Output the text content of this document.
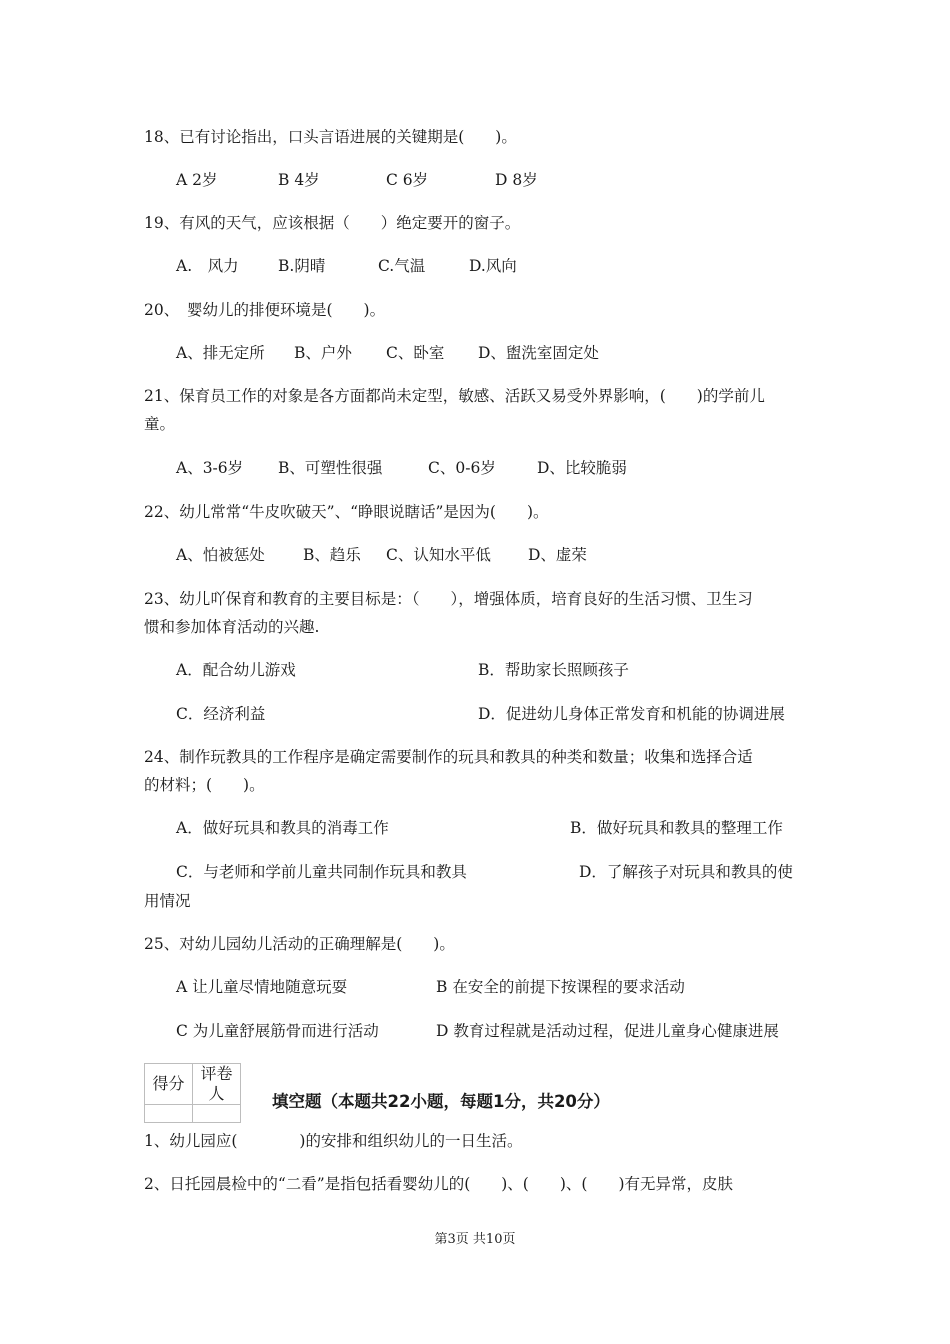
18、已有讨论指出，口头言语进展的关键期是(　　)。
A 2岁	B 4岁	C 6岁	D 8岁
19、有风的天气，应该根据（　　）绝定要开的窗子。
A.　风力	B.阴晴	C.气温	D.风向
20、　婴幼儿的排便环境是(　　)。
A、排无定所 B、户外 C、卧室 D、盥洗室固定处
21、保育员工作的对象是各方面都尚未定型，敏感、活跃又易受外界影响，(　　)的学前儿
童。
A、3-6岁 B、可塑性很强	C、0-6岁	D、比较脆弱
22、幼儿常常“牛皮吹破天”、“睁眼说瞎话”是因为(　　)。
A、怕被惩处 B、趋乐 C、认知水平低 D、虚荣
23、幼儿吖保育和教育的主要目标是：（　　），增强体质，培育良好的生活习惯、卫生习
惯和参加体育活动的兴趣.
A．配合幼儿游戏	B．帮助家长照顾孩子
C．经济利益	D．促进幼儿身体正常发育和机能的协调进展
24、制作玩教具的工作程序是确定需要制作的玩具和教具的种类和数量；收集和选择合适
的材料；(　　)。
A．做好玩具和教具的消毒工作	B．做好玩具和教具的整理工作
C．与老师和学前儿童共同制作玩具和教具	D．了解孩子对玩具和教具的使
用情况
25、对幼儿园幼儿活动的正确理解是(　　)。
A 让儿童尽情地随意玩耍	B 在安全的前提下按课程的要求活动
C 为儿童舒展筋骨而进行活动	D 教育过程就是活动过程，促进儿童身心健康进展
得分	评卷人
		填空题（本题共22小题，每题1分，共20分）
1、幼儿园应(　　　　)的安排和组织幼儿的一日生活。
2、日托园晨检中的“二看”是指包括看婴幼儿的(　　)、(　　)、(　　)有无异常，皮肤
第3页 共10页
